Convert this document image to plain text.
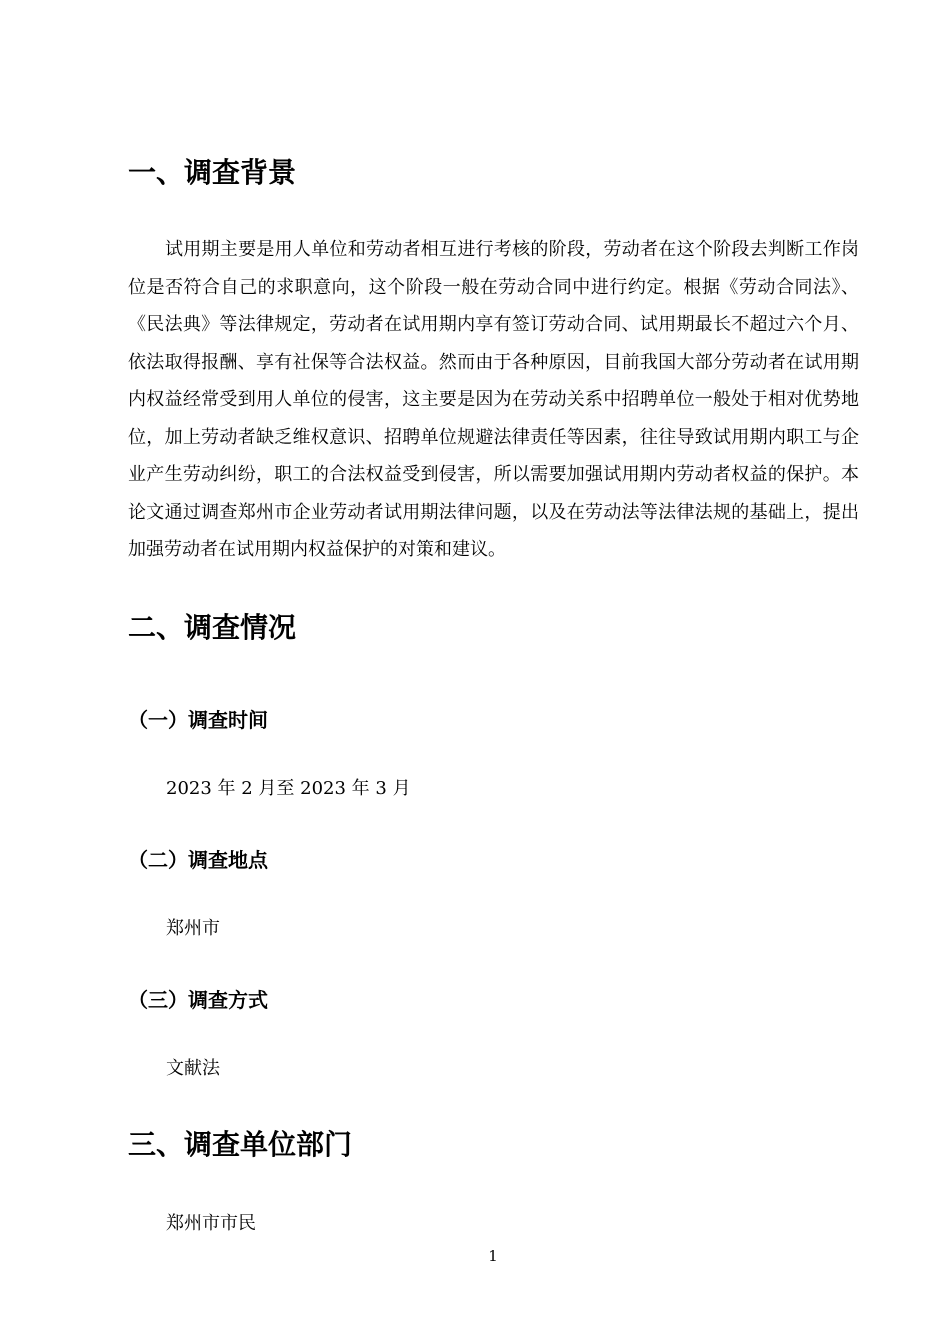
一、调查背景

试用期主要是用人单位和劳动者相互进行考核的阶段，劳动者在这个阶段去判断工作岗位是否符合自己的求职意向，这个阶段一般在劳动合同中进行约定。根据《劳动合同法》、《民法典》等法律规定，劳动者在试用期内享有签订劳动合同、试用期最长不超过六个月、依法取得报酬、享有社保等合法权益。然而由于各种原因，目前我国大部分劳动者在试用期内权益经常受到用人单位的侵害，这主要是因为在劳动关系中招聘单位一般处于相对优势地位，加上劳动者缺乏维权意识、招聘单位规避法律责任等因素，往往导致试用期内职工与企业产生劳动纠纷，职工的合法权益受到侵害，所以需要加强试用期内劳动者权益的保护。本论文通过调查郑州市企业劳动者试用期法律问题，以及在劳动法等法律法规的基础上，提出加强劳动者在试用期内权益保护的对策和建议。

二、调查情况
（一）调查时间

2023 年 2 月至 2023 年 3 月

（二）调查地点

郑州市

（三）调查方式

文献法

三、调查单位部门

郑州市市民

1
